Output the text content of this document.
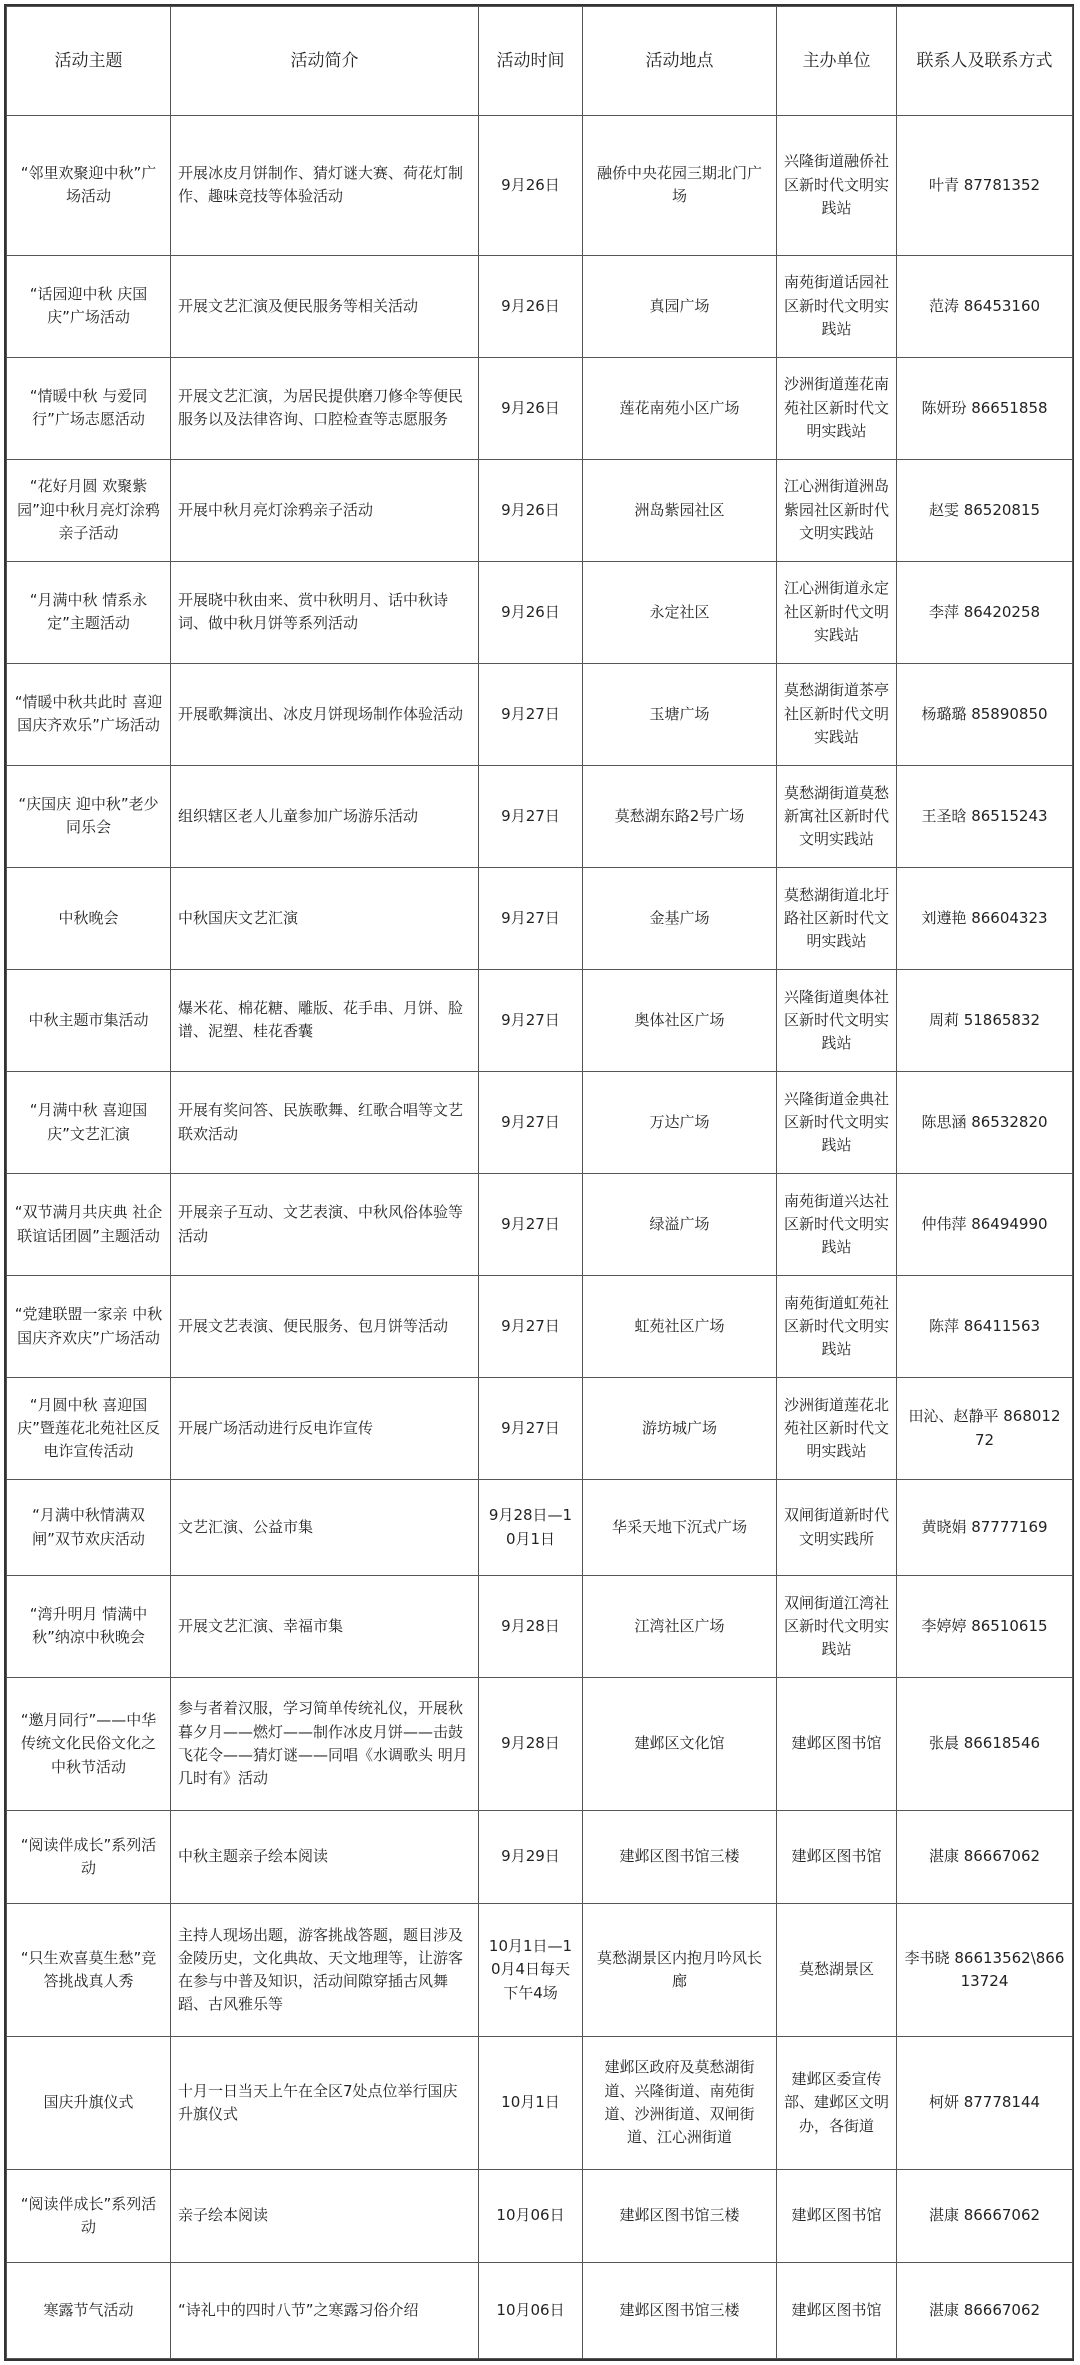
活动主题	活动简介	活动时间	活动地点	主办单位	联系人及联系方式
“邻里欢聚迎中秋”广场活动	开展冰皮月饼制作、猜灯谜大赛、荷花灯制作、趣味竞技等体验活动	9月26日	融侨中央花园三期北门广场	兴隆街道融侨社区新时代文明实践站	叶青 87781352
“话园迎中秋 庆国庆”广场活动	开展文艺汇演及便民服务等相关活动	9月26日	真园广场	南苑街道话园社区新时代文明实践站	范涛 86453160
“情暖中秋 与爱同行”广场志愿活动	开展文艺汇演，为居民提供磨刀修伞等便民服务以及法律咨询、口腔检查等志愿服务	9月26日	莲花南苑小区广场	沙洲街道莲花南苑社区新时代文明实践站	陈妍玢 86651858
“花好月圆 欢聚紫园”迎中秋月亮灯涂鸦亲子活动	开展中秋月亮灯涂鸦亲子活动	9月26日	洲岛紫园社区	江心洲街道洲岛紫园社区新时代文明实践站	赵雯 86520815
“月满中秋 情系永定”主题活动	开展晓中秋由来、赏中秋明月、话中秋诗词、做中秋月饼等系列活动	9月26日	永定社区	江心洲街道永定社区新时代文明实践站	李萍 86420258
“情暖中秋共此时 喜迎国庆齐欢乐”广场活动	开展歌舞演出、冰皮月饼现场制作体验活动	9月27日	玉塘广场	莫愁湖街道茶亭社区新时代文明实践站	杨璐璐 85890850
“庆国庆 迎中秋”老少同乐会	组织辖区老人儿童参加广场游乐活动	9月27日	莫愁湖东路2号广场	莫愁湖街道莫愁新寓社区新时代文明实践站	王圣晗 86515243
中秋晚会	中秋国庆文艺汇演	9月27日	金基广场	莫愁湖街道北圩路社区新时代文明实践站	刘遵艳 86604323
中秋主题市集活动	爆米花、棉花糖、雕版、花手串、月饼、脸谱、泥塑、桂花香囊	9月27日	奥体社区广场	兴隆街道奥体社区新时代文明实践站	周莉 51865832
“月满中秋 喜迎国庆”文艺汇演	开展有奖问答、民族歌舞、红歌合唱等文艺联欢活动	9月27日	万达广场	兴隆街道金典社区新时代文明实践站	陈思涵 86532820
“双节满月共庆典 社企联谊话团圆”主题活动	开展亲子互动、文艺表演、中秋风俗体验等活动	9月27日	绿溢广场	南苑街道兴达社区新时代文明实践站	仲伟萍 86494990
“党建联盟一家亲 中秋国庆齐欢庆”广场活动	开展文艺表演、便民服务、包月饼等活动	9月27日	虹苑社区广场	南苑街道虹苑社区新时代文明实践站	陈萍 86411563
“月圆中秋 喜迎国庆”暨莲花北苑社区反电诈宣传活动	开展广场活动进行反电诈宣传	9月27日	游坊城广场	沙洲街道莲花北苑社区新时代文明实践站	田沁、赵静平 86801272
“月满中秋情满双闸”双节欢庆活动	文艺汇演、公益市集	9月28日—10月1日	华采天地下沉式广场	双闸街道新时代文明实践所	黄晓娟 87777169
“湾升明月 情满中秋”纳凉中秋晚会	开展文艺汇演、幸福市集	9月28日	江湾社区广场	双闸街道江湾社区新时代文明实践站	李婷婷 86510615
“邀月同行”——中华传统文化民俗文化之中秋节活动	参与者着汉服，学习简单传统礼仪，开展秋暮夕月——燃灯——制作冰皮月饼——击鼓飞花令——猜灯谜——同唱《水调歌头 明月几时有》活动	9月28日	建邺区文化馆	建邺区图书馆	张晨 86618546
“阅读伴成长”系列活动	中秋主题亲子绘本阅读	9月29日	建邺区图书馆三楼	建邺区图书馆	湛康 86667062
“只生欢喜莫生愁”竞答挑战真人秀	主持人现场出题，游客挑战答题，题目涉及金陵历史，文化典故、天文地理等，让游客在参与中普及知识，活动间隙穿插古风舞蹈、古风雅乐等	10月1日—10月4日每天下午4场	莫愁湖景区内抱月吟风长廊	莫愁湖景区	李书晓 86613562\86613724
国庆升旗仪式	十月一日当天上午在全区7处点位举行国庆升旗仪式	10月1日	建邺区政府及莫愁湖街道、兴隆街道、南苑街道、沙洲街道、双闸街道、江心洲街道	建邺区委宣传部、建邺区文明办，各街道	柯妍 87778144
“阅读伴成长”系列活动	亲子绘本阅读	10月06日	建邺区图书馆三楼	建邺区图书馆	湛康 86667062
寒露节气活动	“诗礼中的四时八节”之寒露习俗介绍	10月06日	建邺区图书馆三楼	建邺区图书馆	湛康 86667062
